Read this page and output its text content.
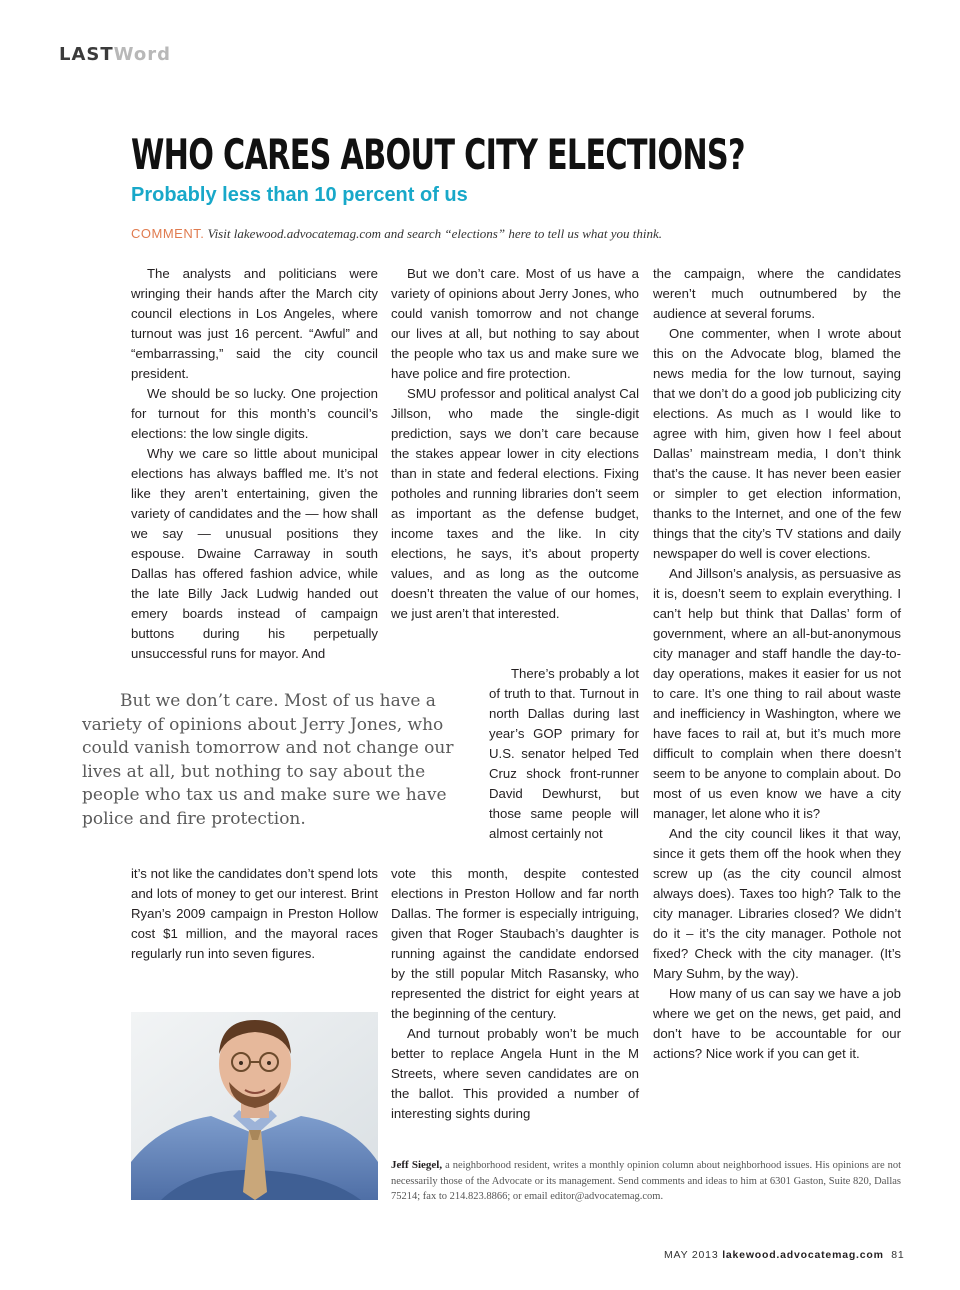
LASTWord
WHO CARES ABOUT CITY ELECTIONS?
Probably less than 10 percent of us
COMMENT. Visit lakewood.advocatemag.com and search “elections” here to tell us what you think.

The analysts and politicians were wringing their hands after the March city council elections in Los Angeles, where turnout was just 16 percent. “Awful” and “embarrassing,” said the city council president.

We should be so lucky. One projection for turnout for this month’s council’s elections: the low single digits.

Why we care so little about municipal elections has always baffled me. It’s not like they aren’t entertaining, given the variety of candidates and the — how shall we say — unusual positions they espouse. Dwaine Carraway in south Dallas has offered fashion advice, while the late Billy Jack Ludwig handed out emery boards instead of campaign buttons during his perpetually unsuccessful runs for mayor. And

But we don’t care. Most of us have a variety of opinions about Jerry Jones, who could vanish tomorrow and not change our lives at all, but nothing to say about the people who tax us and make sure we have police and fire protection.

it’s not like the candidates don’t spend lots and lots of money to get our interest. Brint Ryan’s 2009 campaign in Preston Hollow cost $1 million, and the mayoral races regularly run into seven figures.

But we don’t care. Most of us have a variety of opinions about Jerry Jones, who could vanish tomorrow and not change our lives at all, but nothing to say about the people who tax us and make sure we have police and fire protection.

SMU professor and political analyst Cal Jillson, who made the single-digit prediction, says we don’t care because the stakes appear lower in city elections than in state and federal elections. Fixing potholes and running libraries don’t seem as important as the defense budget, income taxes and the like. In city elections, he says, it’s about property values, and as long as the outcome doesn’t threaten the value of our homes, we just aren’t that interested.

There’s probably a lot of truth to that. Turnout in north Dallas during last year’s GOP primary for U.S. senator helped Ted Cruz shock front-runner David Dewhurst, but those same people will almost certainly not

vote this month, despite contested elections in Preston Hollow and far north Dallas. The former is especially intriguing, given that Roger Staubach’s daughter is running against the candidate endorsed by the still popular Mitch Rasansky, who represented the district for eight years at the beginning of the century.

And turnout probably won’t be much better to replace Angela Hunt in the M Streets, where seven candidates are on the ballot. This provided a number of interesting sights during

the campaign, where the candidates weren’t much outnumbered by the audience at several forums.

One commenter, when I wrote about this on the Advocate blog, blamed the news media for the low turnout, saying that we don’t do a good job publicizing city elections. As much as I would like to agree with him, given how I feel about Dallas’ mainstream media, I don’t think that’s the cause. It has never been easier or simpler to get election information, thanks to the Internet, and one of the few things that the city’s TV stations and daily newspaper do well is cover elections.

And Jillson’s analysis, as persuasive as it is, doesn’t seem to explain everything. I can’t help but think that Dallas’ form of government, where an all-but-anonymous city manager and staff handle the day-to-day operations, makes it easier for us not to care. It’s one thing to rail about waste and inefficiency in Washington, where we have faces to rail at, but it’s much more difficult to complain when there doesn’t seem to be anyone to complain about. Do most of us even know we have a city manager, let alone who it is?

And the city council likes it that way, since it gets them off the hook when they screw up (as the city council almost always does). Taxes too high? Talk to the city manager. Libraries closed? We didn’t do it – it’s the city manager. Pothole not fixed? Check with the city manager. (It’s Mary Suhm, by the way).

How many of us can say we have a job where we get on the news, get paid, and don’t have to be accountable for our actions? Nice work if you can get it.

Jeff Siegel, a neighborhood resident, writes a monthly opinion column about neighborhood issues. His opinions are not necessarily those of the Advocate or its management. Send comments and ideas to him at 6301 Gaston, Suite 820, Dallas 75214; fax to 214.823.8866; or email editor@advocatemag.com.
MAY 2013 lakewood.advocatemag.com 81
